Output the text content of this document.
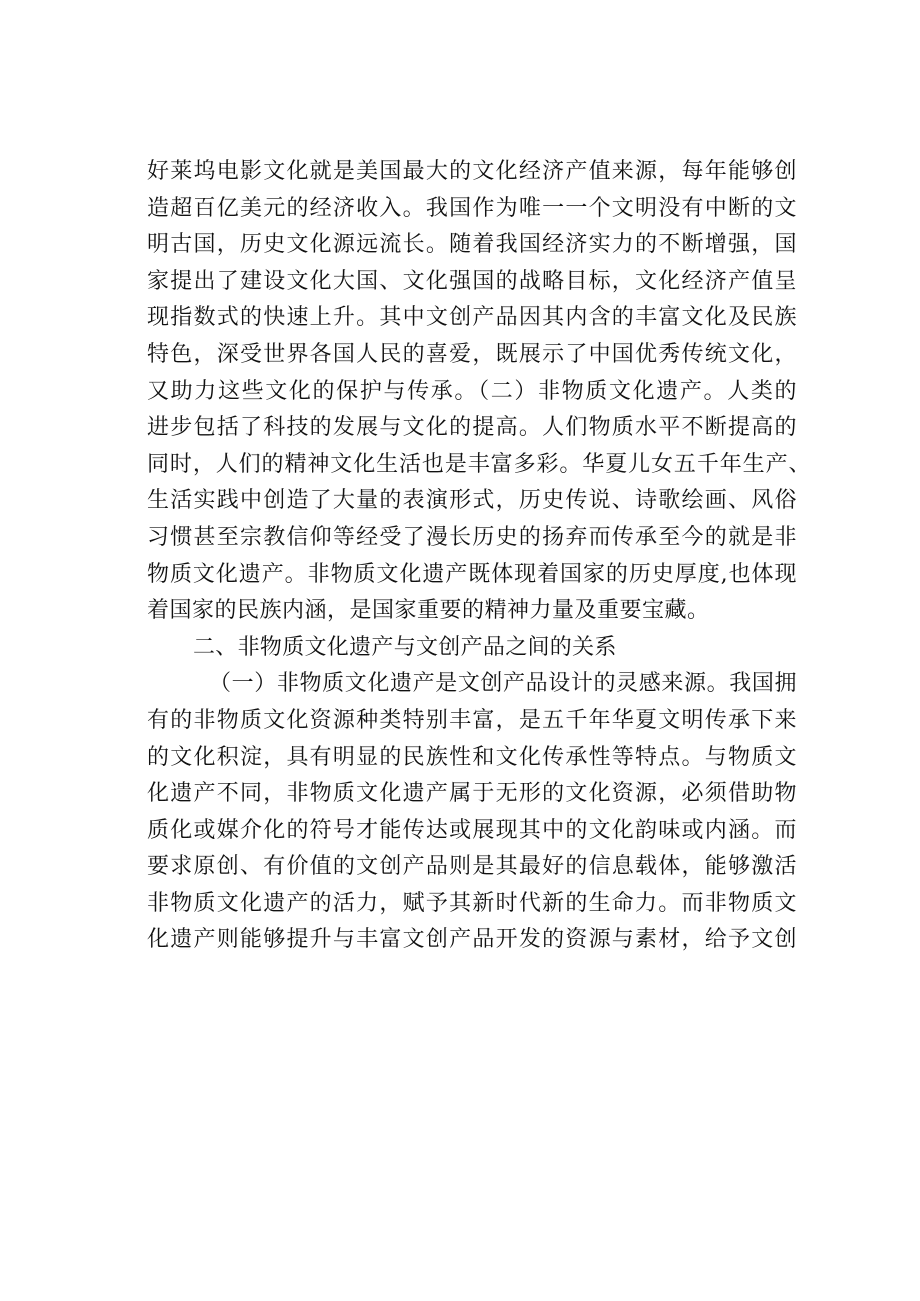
好莱坞电影文化就是美国最大的文化经济产值来源，每年能够创
造超百亿美元的经济收入。我国作为唯一一个文明没有中断的文
明古国，历史文化源远流长。随着我国经济实力的不断增强，国
家提出了建设文化大国、文化强国的战略目标，文化经济产值呈
现指数式的快速上升。其中文创产品因其内含的丰富文化及民族
特色，深受世界各国人民的喜爱，既展示了中国优秀传统文化，
又助力这些文化的保护与传承。（二）非物质文化遗产。人类的
进步包括了科技的发展与文化的提高。人们物质水平不断提高的
同时，人们的精神文化生活也是丰富多彩。华夏儿女五千年生产、
生活实践中创造了大量的表演形式，历史传说、诗歌绘画、风俗
习惯甚至宗教信仰等经受了漫长历史的扬弃而传承至今的就是非
物质文化遗产。非物质文化遗产既体现着国家的历史厚度,也体现
着国家的民族内涵，是国家重要的精神力量及重要宝藏。
二、非物质文化遗产与文创产品之间的关系
（一）非物质文化遗产是文创产品设计的灵感来源。我国拥
有的非物质文化资源种类特别丰富，是五千年华夏文明传承下来
的文化积淀，具有明显的民族性和文化传承性等特点。与物质文
化遗产不同，非物质文化遗产属于无形的文化资源，必须借助物
质化或媒介化的符号才能传达或展现其中的文化韵味或内涵。而
要求原创、有价值的文创产品则是其最好的信息载体，能够激活
非物质文化遗产的活力，赋予其新时代新的生命力。而非物质文
化遗产则能够提升与丰富文创产品开发的资源与素材，给予文创
